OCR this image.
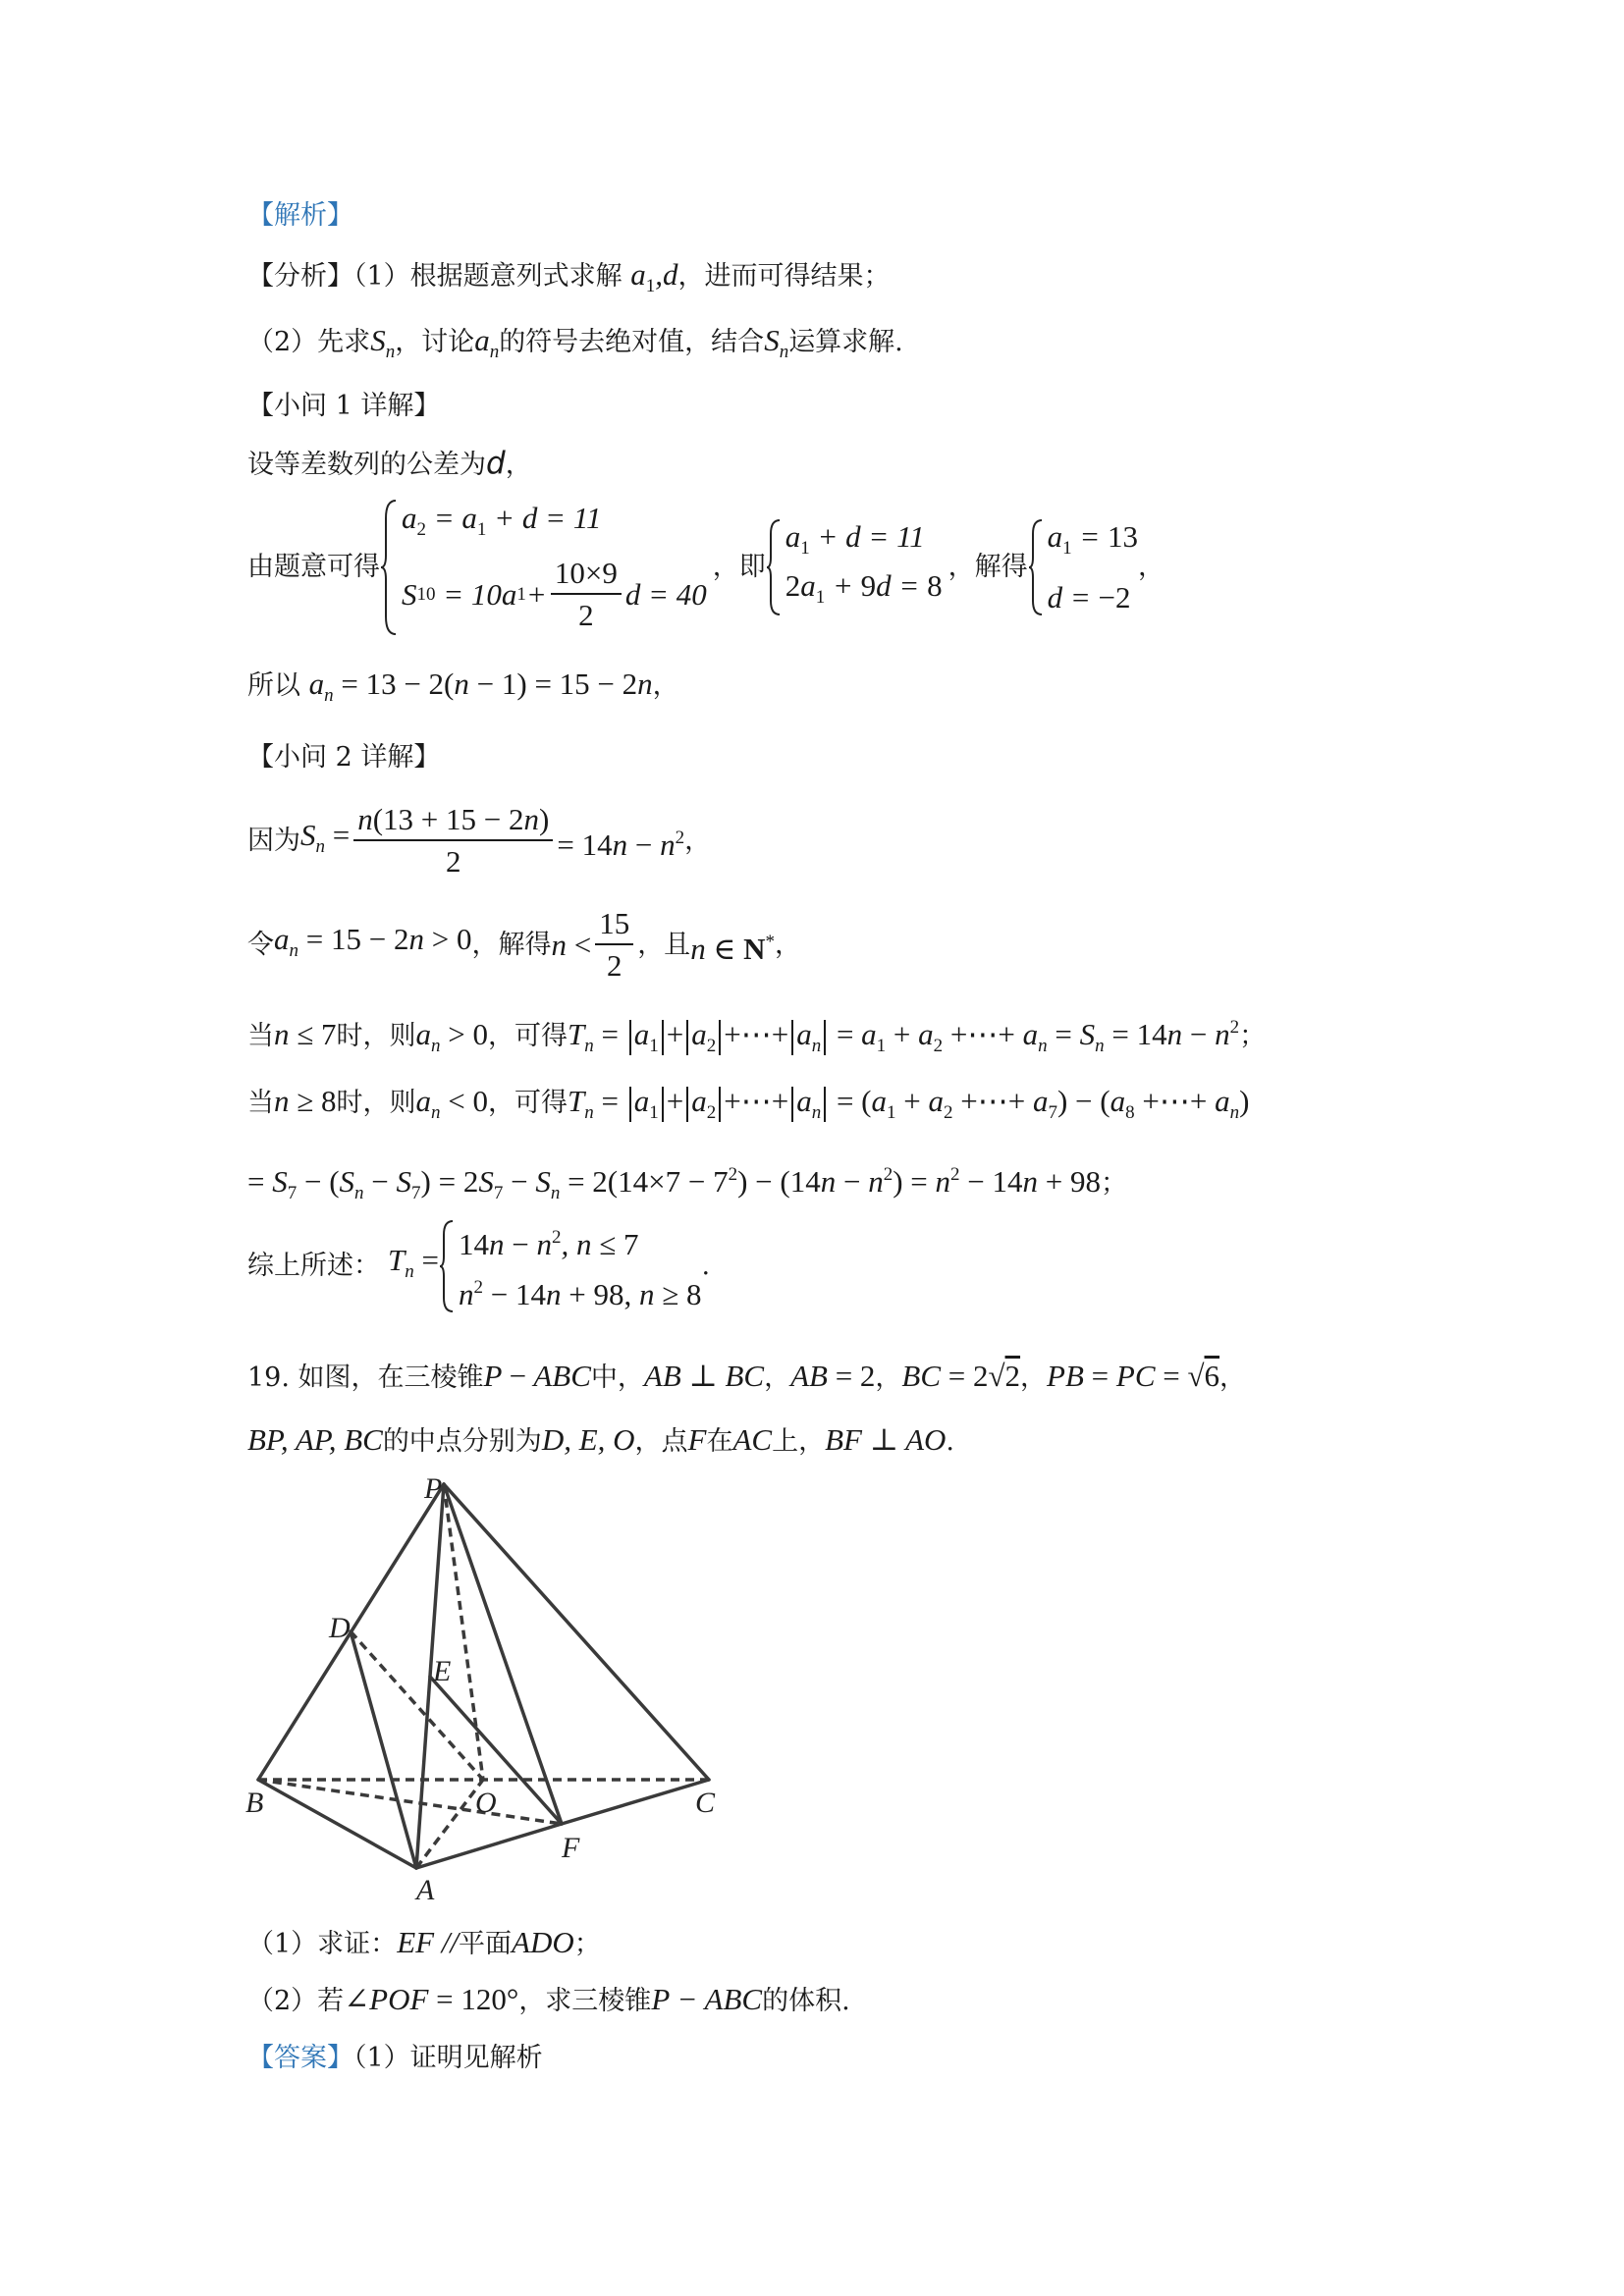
【解析】
【分析】（1）根据题意列式求解 $a_1,d$，进而可得结果；
（2）先求$S_n$，讨论$a_n$的符号去绝对值，结合$S_n$运算求解.
【小问 1 详解】
设等差数列的公差为d，
由题意可得
$a_2 = a_1 + d = 11$
S 10 = 10a $1 + \frac{10\times 9}{2}$ d = 40
，即
$a_1 + d = 11$
$2a_1 + 9d = 8$
，解得
$a_1 = 13$
d = −2
，
所以 $a_n = 13 - 2(n - 1) = 15 - 2n$，
【小问 2 详解】
因为 $S_n = \frac{n(13 + 15 - 2n)}{2} = 14n - n^2$ ，
令 $a_n = 15 - 2n > 0$ ，解得 $n < \frac{15}{2}$ ，且 n ∈ N* ，
当n ≤ 7时，则$a_n > 0$，可得$T_n = a_1 + a_2$ +⋯+ $a_n = a_1 + a_2$ +⋯+ $a_n = S_n = 14n - n^2$；
当n ≥ 8时，则$a_n < 0$，可得$T_n = a_1 + a_2$ +⋯+ $a_n = (a_1 + a_2$ +⋯+ $a_7) - (a_8$ +⋯+ $a_n$)
= $S_7 - (S_n - S_7) = 2S_7 - S_n = 2(14\times 7 - 7^2) - (14n - n^2) = n^2 - 14n + 98$；
综上所述： $T_n = 14n - n^2$, n ≤ 7
$n^2 - 14n + 98$, n ≥ 8
.
19. 如图，在三棱锥P − ABC中，AB ⊥ BC，AB = 2，BC = 2√2，PB = PC = √6，
BP, AP, BC的中点分别为D, E, O，点F在AC上，BF ⊥ AO.
P
D
E
B	O	C
F
A
（1）求证：EF //平面ADO；
（2）若∠POF = 120°，求三棱锥P − ABC的体积.
【答案】（1）证明见解析
